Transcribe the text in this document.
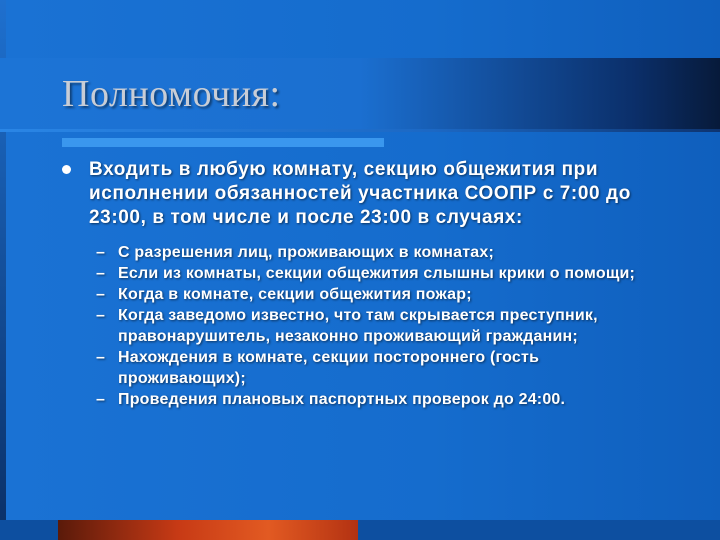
Полномочия:
Входить в любую комнату, секцию общежития при исполнении обязанностей участника СООПР с 7:00 до 23:00, в том числе и после 23:00 в случаях:
– С разрешения лиц, проживающих в комнатах;
– Если из комнаты, секции общежития слышны крики о помощи;
– Когда в комнате, секции общежития пожар;
– Когда заведомо известно, что там скрывается преступник, правонарушитель, незаконно проживающий гражданин;
– Нахождения в комнате, секции постороннего (гость проживающих);
– Проведения плановых паспортных проверок до 24:00.
